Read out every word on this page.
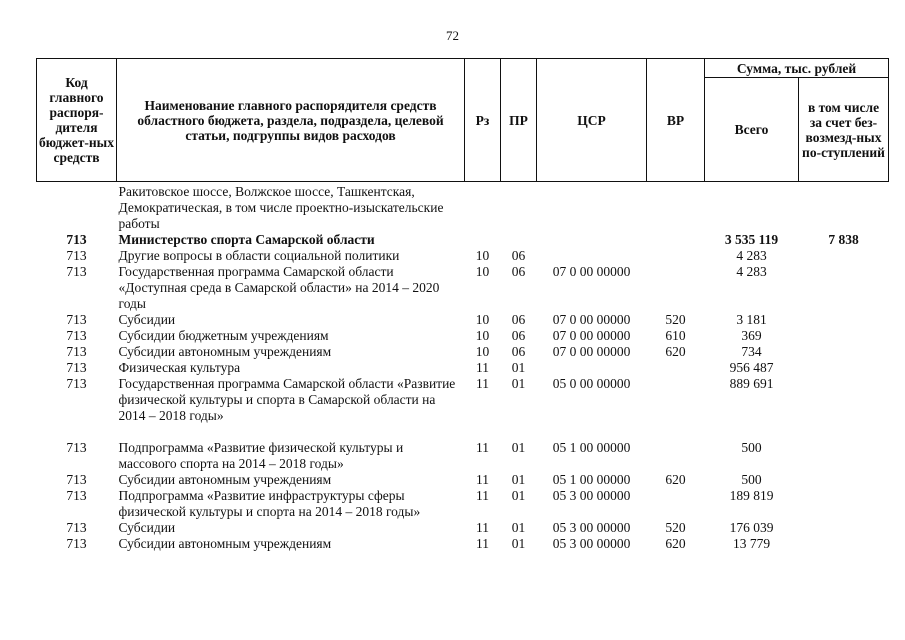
72
Код главного распоря-дителя бюджет-ных средств	Наименование главного распорядителя средств областного бюджета, раздела, подраздела, целевой статьи, подгруппы видов расходов	Рз	ПР	ЦСР	ВР	Сумма, тыс. рублей	
						Всего	в том числе за счет без-возмезд-ных по-ступлений
	Ракитовское шоссе, Волжское шоссе, Ташкентская, Демократическая, в том числе проектно-изыскательские работы						
713	Министерство спорта Самарской области					3 535 119	7 838
713	Другие вопросы в области социальной политики	10	06			4 283	
713	Государственная программа Самарской области «Доступная среда в Самарской области» на 2014 – 2020 годы	10	06	07 0 00 00000		4 283	
713	Субсидии	10	06	07 0 00 00000	520	3 181	
713	Субсидии бюджетным учреждениям	10	06	07 0 00 00000	610	369	
713	Субсидии автономным учреждениям	10	06	07 0 00 00000	620	734	
713	Физическая культура	11	01			956 487	
713	Государственная программа Самарской области «Развитие физической культуры и спорта в Самарской области на 2014 – 2018 годы»	11	01	05 0 00 00000		889 691	

713	Подпрограмма «Развитие физической культуры и массового спорта на 2014 – 2018 годы»	11	01	05 1 00 00000		500	
713	Субсидии автономным учреждениям	11	01	05 1 00 00000	620	500	
713	Подпрограмма «Развитие инфраструктуры сферы физической культуры и спорта на 2014 – 2018 годы»	11	01	05 3 00 00000		189 819	
713	Субсидии	11	01	05 3 00 00000	520	176 039	
713	Субсидии автономным учреждениям	11	01	05 3 00 00000	620	13 779	
